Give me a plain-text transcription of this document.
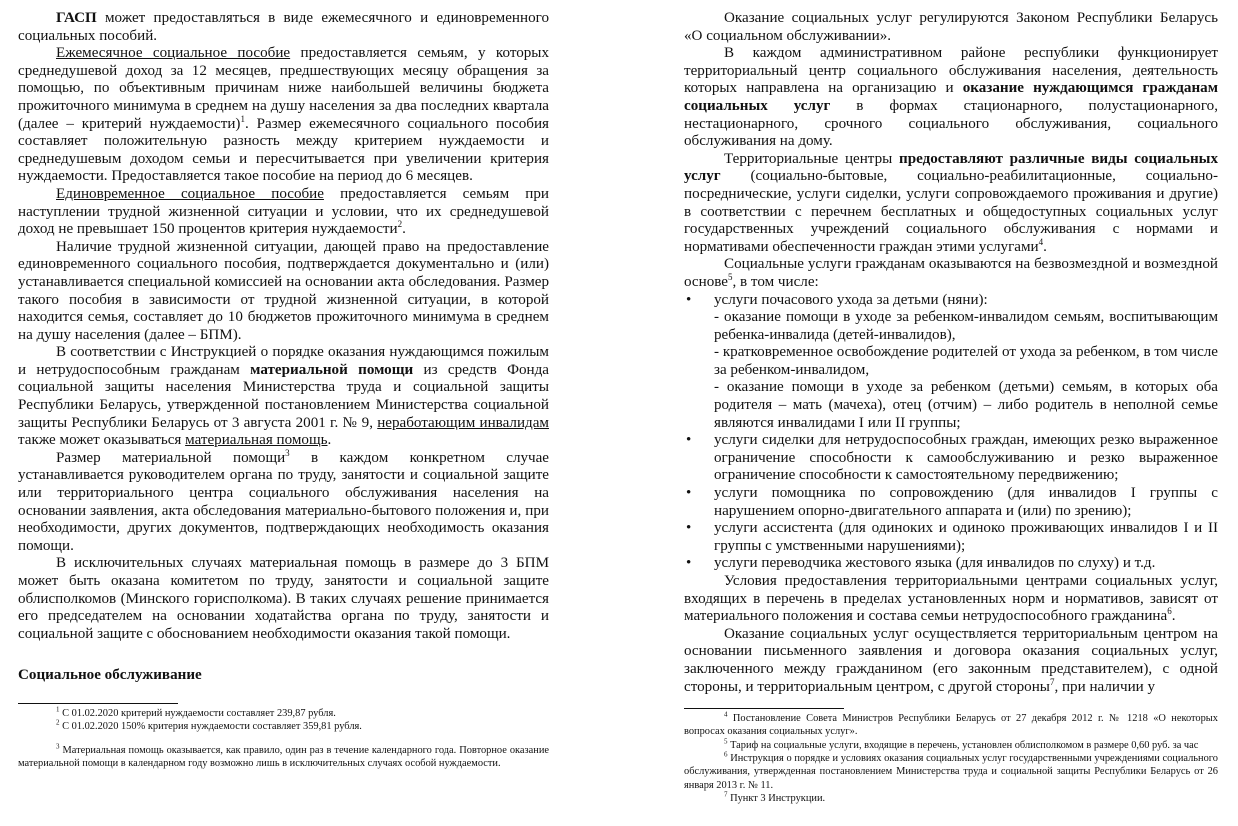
ГАСП может предоставляться в виде ежемесячного и единовременного социальных пособий.

Ежемесячное социальное пособие предоставляется семьям, у которых среднедушевой доход за 12 месяцев, предшествующих месяцу обращения за помощью, по объективным причинам ниже наибольшей величины бюджета прожиточного минимума в среднем на душу населения за два последних квартала (далее – критерий нуждаемости)$^1$. Размер ежемесячного социального пособия составляет положительную разность между критерием нуждаемости и среднедушевым доходом семьи и пересчитывается при увеличении критерия нуждаемости. Предоставляется такое пособие на период до 6 месяцев.

Единовременное социальное пособие предоставляется семьям при наступлении трудной жизненной ситуации и условии, что их среднедушевой доход не превышает 150 процентов критерия нуждаемости$^2$.

Наличие трудной жизненной ситуации, дающей право на предоставление единовременного социального пособия, подтверждается документально и (или) устанавливается специальной комиссией на основании акта обследования. Размер такого пособия в зависимости от трудной жизненной ситуации, в которой находится семья, составляет до 10 бюджетов прожиточного минимума в среднем на душу населения (далее – БПМ).

В соответствии с Инструкцией о порядке оказания нуждающимся пожилым и нетрудоспособным гражданам материальной помощи из средств Фонда социальной защиты населения Министерства труда и социальной защиты Республики Беларусь, утвержденной постановлением Министерства социальной защиты Республики Беларусь от 3 августа 2001 г. № 9, неработающим инвалидам также может оказываться материальная помощь.

Размер материальной помощи$^3$ в каждом конкретном случае устанавливается руководителем органа по труду, занятости и социальной защите или территориального центра социального обслуживания населения на основании заявления, акта обследования материально-бытового положения и, при необходимости, других документов, подтверждающих необходимость оказания помощи.

В исключительных случаях материальная помощь в размере до 3 БПМ может быть оказана комитетом по труду, занятости и социальной защите облисполкомов (Минского горисполкома). В таких случаях решение принимается его председателем на основании ходатайства органа по труду, занятости и социальной защите с обоснованием необходимости оказания такой помощи.

Социальное обслуживание

$^1$ С 01.02.2020 критерий нуждаемости составляет 239,87 рубля.

$^2$ С 01.02.2020 150% критерия нуждаемости составляет 359,81 рубля.

$^3$ Материальная помощь оказывается, как правило, один раз в течение календарного года. Повторное оказание материальной помощи в календарном году возможно лишь в исключительных случаях особой нуждаемости.

Оказание социальных услуг регулируются Законом Республики Беларусь «О социальном обслуживании».

В каждом административном районе республики функционирует территориальный центр социального обслуживания населения, деятельность которых направлена на организацию и оказание нуждающимся гражданам социальных услуг в формах стационарного, полустационарного, нестационарного, срочного социального обслуживания, социального обслуживания на дому.

Территориальные центры предоставляют различные виды социальных услуг (социально-бытовые, социально-реабилитационные, социально-посреднические, услуги сиделки, услуги сопровождаемого проживания и другие) в соответствии с перечнем бесплатных и общедоступных социальных услуг государственных учреждений социального обслуживания с нормами и нормативами обеспеченности граждан этими услугами$^4$.

Социальные услуги гражданам оказываются на безвозмездной и возмездной основе$^5$, в том числе:

• услуги почасового ухода за детьми (няни):
- оказание помощи в уходе за ребенком-инвалидом семьям, воспитывающим ребенка-инвалида (детей-инвалидов),
- кратковременное освобождение родителей от ухода за ребенком, в том числе за ребенком-инвалидом,
- оказание помощи в уходе за ребенком (детьми) семьям, в которых оба родителя – мать (мачеха), отец (отчим) – либо родитель в неполной семье являются инвалидами I или II группы;
• услуги сиделки для нетрудоспособных граждан, имеющих резко выраженное ограничение способности к самообслуживанию и резко выраженное ограничение способности к самостоятельному передвижению;
• услуги помощника по сопровождению (для инвалидов I группы с нарушением опорно-двигательного аппарата и (или) по зрению);
• услуги ассистента (для одиноких и одиноко проживающих инвалидов I и II группы с умственными нарушениями);
• услуги переводчика жестового языка (для инвалидов по слуху) и т.д.

Условия предоставления территориальными центрами социальных услуг, входящих в перечень в пределах установленных норм и нормативов, зависят от материального положения и состава семьи нетрудоспособного гражданина$^6$.

Оказание социальных услуг осуществляется территориальным центром на основании письменного заявления и договора оказания социальных услуг, заключенного между гражданином (его законным представителем), с одной стороны, и территориальным центром, с другой стороны$^7$, при наличии у

$^4$ Постановление Совета Министров Республики Беларусь от 27 декабря 2012 г. № 1218 «О некоторых вопросах оказания социальных услуг».

$^5$ Тариф на социальные услуги, входящие в перечень, установлен облисполкомом в размере 0,60 руб. за час

$^6$ Инструкция о порядке и условиях оказания социальных услуг государственными учреждениями социального обслуживания, утвержденная постановлением Министерства труда и социальной защиты Республики Беларусь от 26 января 2013 г. № 11.

$^7$ Пункт 3 Инструкции.
